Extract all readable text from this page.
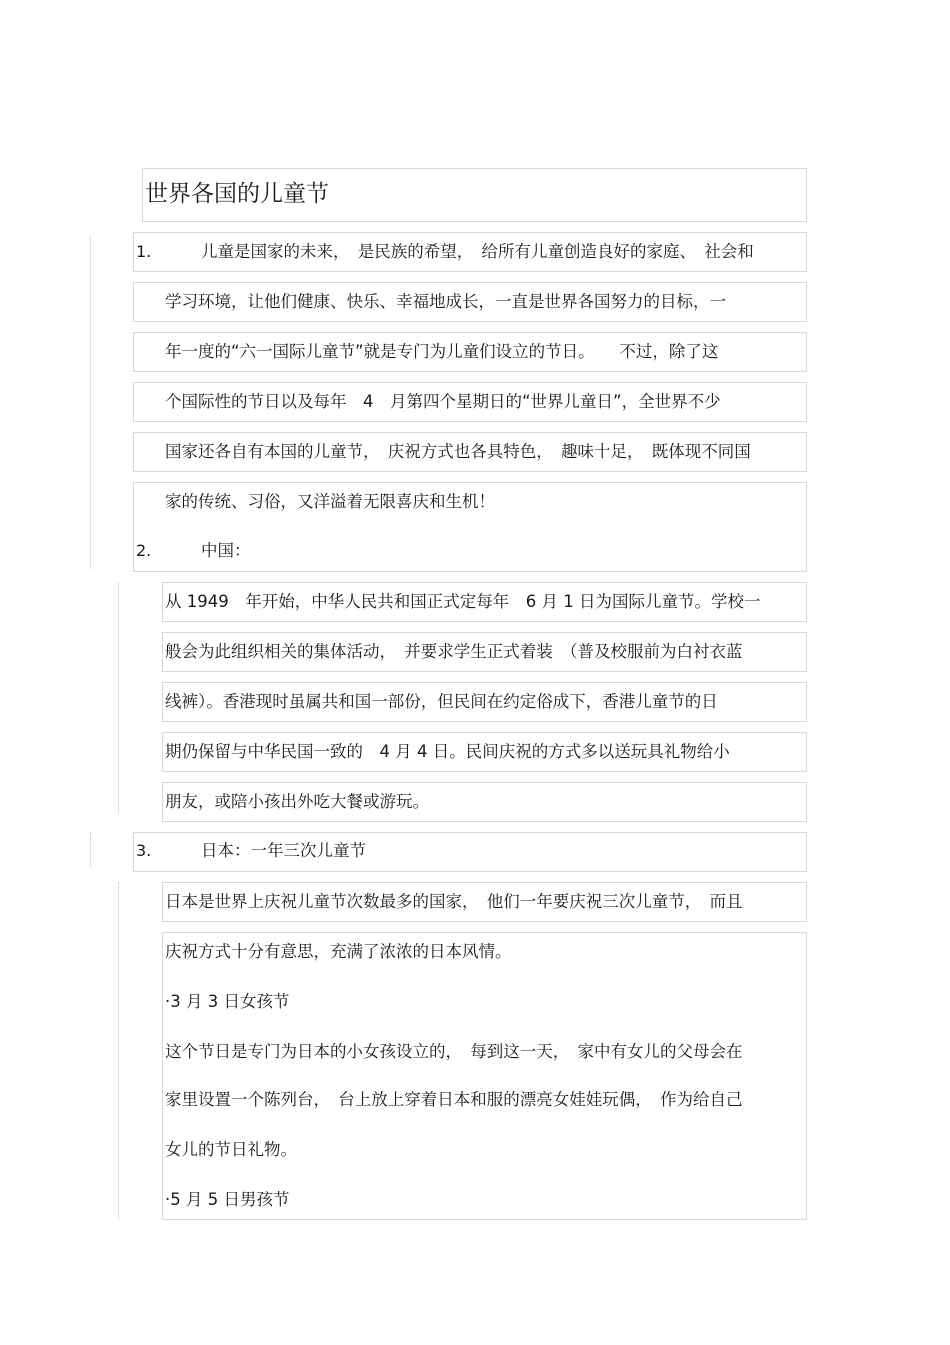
世界各国的儿童节
1.	儿童是国家的未来，　是民族的希望，　给所有儿童创造良好的家庭、　社会和
学习环境，让他们健康、快乐、幸福地成长，一直是世界各国努力的目标，一
年一度的“六一国际儿童节”就是专门为儿童们设立的节日。　　不过，除了这
个国际性的节日以及每年　4　月第四个星期日的“世界儿童日”，全世界不少
国家还各自有本国的儿童节，　庆祝方式也各具特色，　趣味十足，　既体现不同国
家的传统、习俗，又洋溢着无限喜庆和生机！
2.	中国：
从 1949　年开始，中华人民共和国正式定每年　6 月 1 日为国际儿童节。学校一
般会为此组织相关的集体活动，　并要求学生正式着装　（普及校服前为白衬衣蓝
线裤）。香港现时虽属共和国一部份，但民间在约定俗成下，香港儿童节的日
期仍保留与中华民国一致的　4 月 4 日。民间庆祝的方式多以送玩具礼物给小
朋友，或陪小孩出外吃大餐或游玩。
3.	日本：一年三次儿童节
日本是世界上庆祝儿童节次数最多的国家，　他们一年要庆祝三次儿童节，　而且
庆祝方式十分有意思，充满了浓浓的日本风情。
·3 月 3 日女孩节
这个节日是专门为日本的小女孩设立的，　每到这一天，　家中有女儿的父母会在
家里设置一个陈列台，　台上放上穿着日本和服的漂亮女娃娃玩偶，　作为给自己
女儿的节日礼物。
·5 月 5 日男孩节
